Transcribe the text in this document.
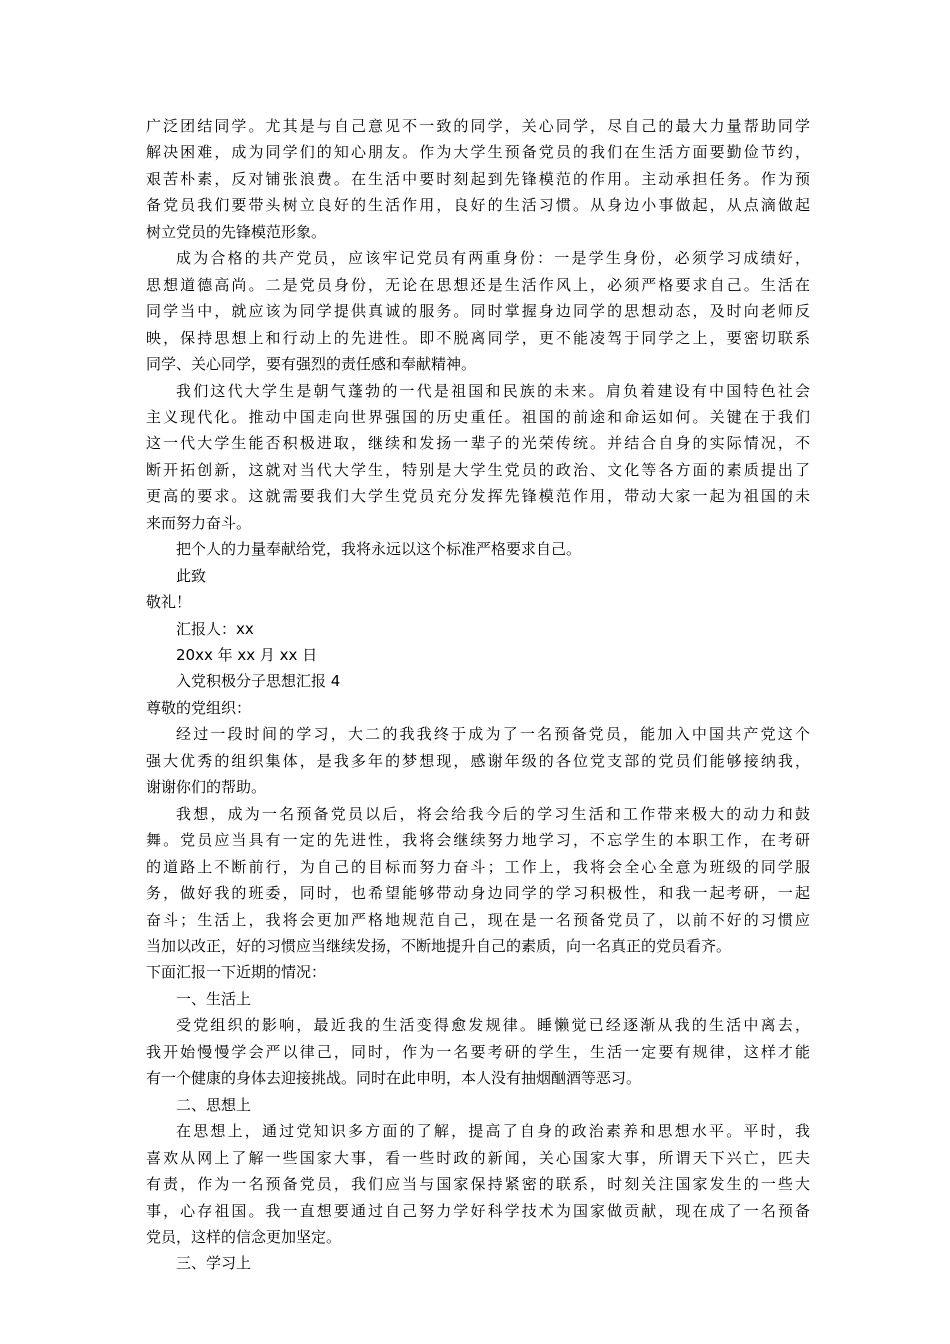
广泛团结同学。尤其是与自己意见不一致的同学，关心同学，尽自己的最大力量帮助同学
解决困难，成为同学们的知心朋友。作为大学生预备党员的我们在生活方面要勤俭节约，
艰苦朴素，反对铺张浪费。在生活中要时刻起到先锋模范的作用。主动承担任务。作为预
备党员我们要带头树立良好的生活作用，良好的生活习惯。从身边小事做起，从点滴做起
树立党员的先锋模范形象。
成为合格的共产党员，应该牢记党员有两重身份：一是学生身份，必须学习成绩好，
思想道德高尚。二是党员身份，无论在思想还是生活作风上，必须严格要求自己。生活在
同学当中，就应该为同学提供真诚的服务。同时掌握身边同学的思想动态，及时向老师反
映，保持思想上和行动上的先进性。即不脱离同学，更不能凌驾于同学之上，要密切联系
同学、关心同学，要有强烈的责任感和奉献精神。
我们这代大学生是朝气蓬勃的一代是祖国和民族的未来。肩负着建设有中国特色社会
主义现代化。推动中国走向世界强国的历史重任。祖国的前途和命运如何。关键在于我们
这一代大学生能否积极进取，继续和发扬一辈子的光荣传统。并结合自身的实际情况，不
断开拓创新，这就对当代大学生，特别是大学生党员的政治、文化等各方面的素质提出了
更高的要求。这就需要我们大学生党员充分发挥先锋模范作用，带动大家一起为祖国的未
来而努力奋斗。
把个人的力量奉献给党，我将永远以这个标准严格要求自己。
此致
敬礼！
汇报人：xx
20xx 年 xx 月 xx 日
入党积极分子思想汇报 4
尊敬的党组织：
经过一段时间的学习，大二的我我终于成为了一名预备党员，能加入中国共产党这个
强大优秀的组织集体，是我多年的梦想现，感谢年级的各位党支部的党员们能够接纳我，
谢谢你们的帮助。
我想，成为一名预备党员以后，将会给我今后的学习生活和工作带来极大的动力和鼓
舞。党员应当具有一定的先进性，我将会继续努力地学习，不忘学生的本职工作，在考研
的道路上不断前行，为自己的目标而努力奋斗；工作上，我将会全心全意为班级的同学服
务，做好我的班委，同时，也希望能够带动身边同学的学习积极性，和我一起考研，一起
奋斗；生活上，我将会更加严格地规范自己，现在是一名预备党员了，以前不好的习惯应
当加以改正，好的习惯应当继续发扬，不断地提升自己的素质，向一名真正的党员看齐。
下面汇报一下近期的情况：
一、生活上
受党组织的影响，最近我的生活变得愈发规律。睡懒觉已经逐渐从我的生活中离去，
我开始慢慢学会严以律己，同时，作为一名要考研的学生，生活一定要有规律，这样才能
有一个健康的身体去迎接挑战。同时在此申明，本人没有抽烟酗酒等恶习。
二、思想上
在思想上，通过党知识多方面的了解，提高了自身的政治素养和思想水平。平时，我
喜欢从网上了解一些国家大事，看一些时政的新闻，关心国家大事，所谓天下兴亡，匹夫
有责，作为一名预备党员，我们应当与国家保持紧密的联系，时刻关注国家发生的一些大
事，心存祖国。我一直想要通过自己努力学好科学技术为国家做贡献，现在成了一名预备
党员，这样的信念更加坚定。
三、学习上
